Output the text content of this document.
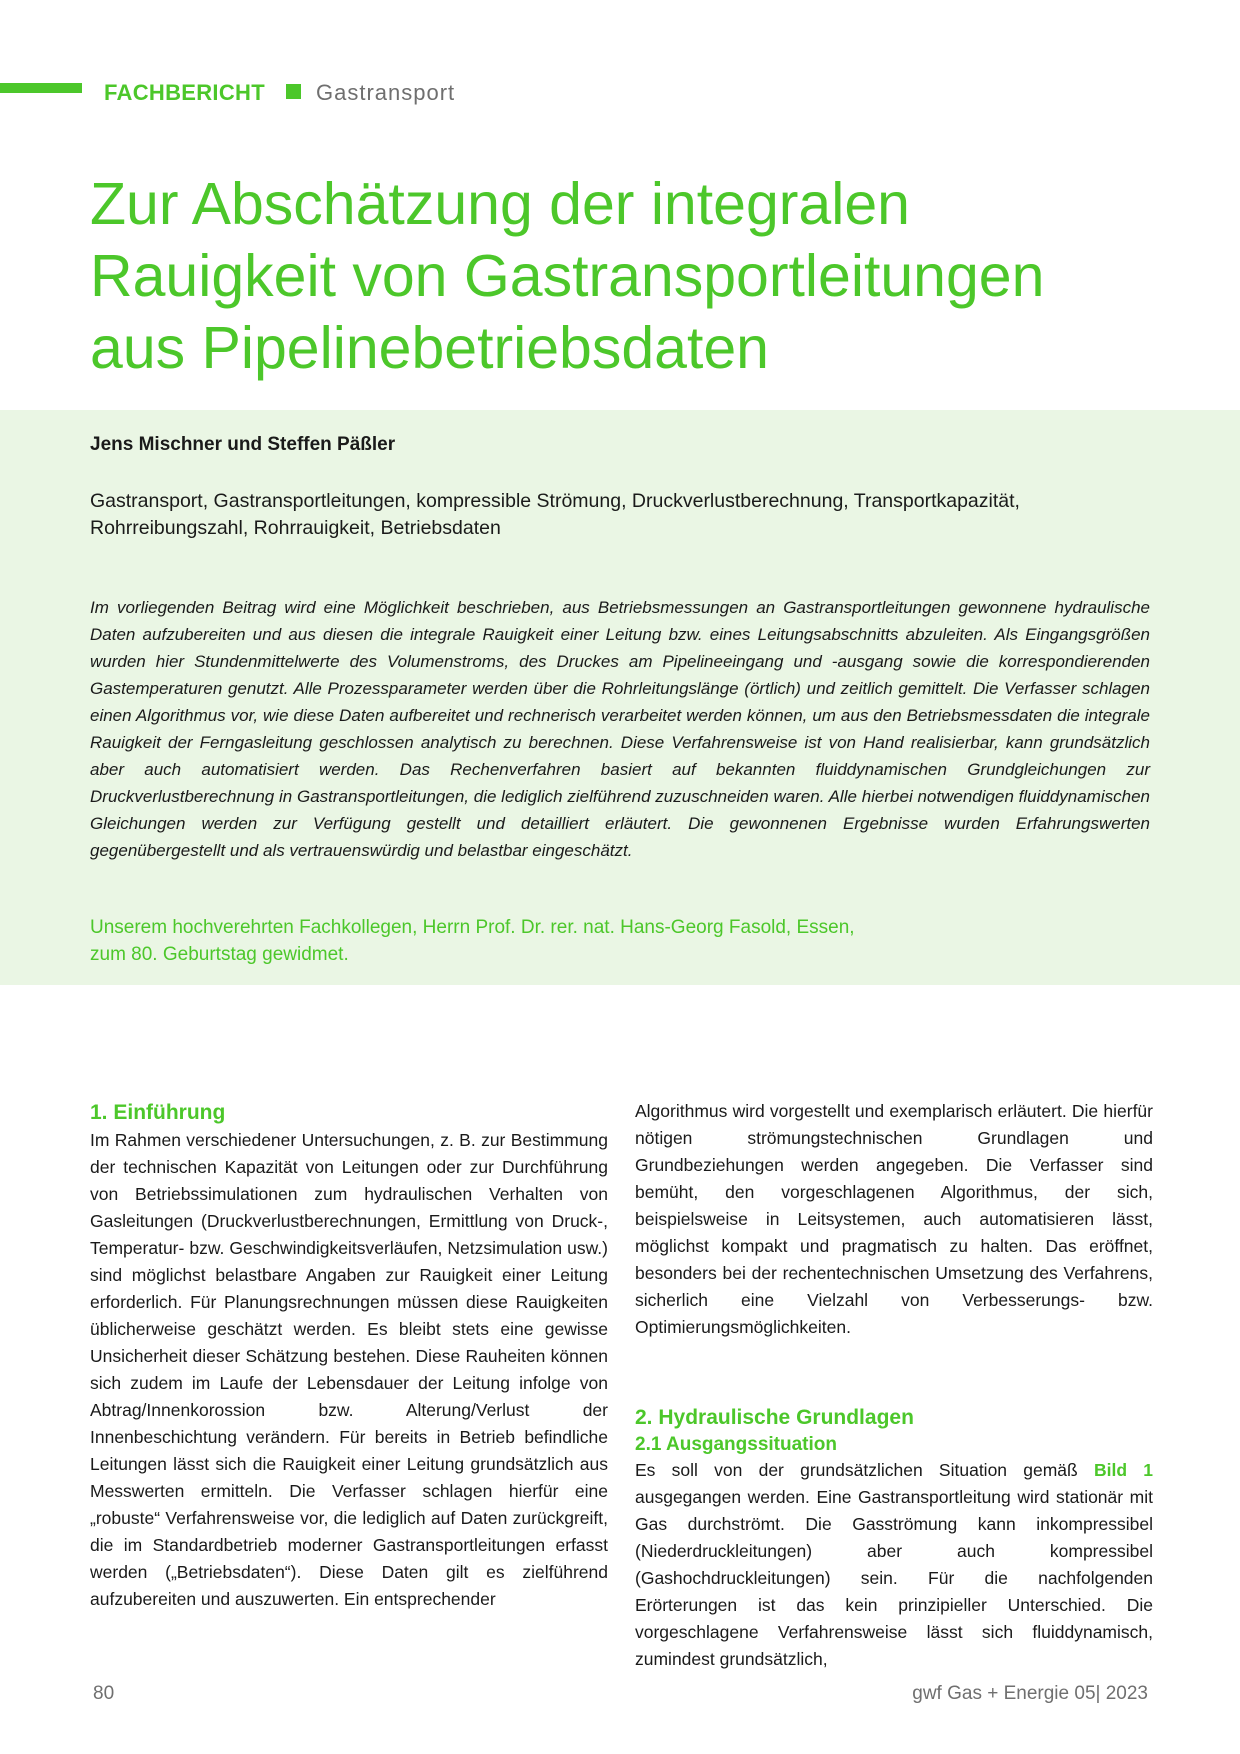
FACHBERICHT Gastransport
Zur Abschätzung der integralen
Rauigkeit von Gastransportleitungen
aus Pipelinebetriebsdaten
Jens Mischner und Steffen Päßler
Gastransport, Gastransportleitungen, kompressible Strömung, Druckverlustberechnung, Transportkapazität, Rohrreibungszahl, Rohrrauigkeit, Betriebsdaten
Im vorliegenden Beitrag wird eine Möglichkeit beschrieben, aus Betriebsmessungen an Gastransportleitungen gewonnene hydraulische Daten aufzubereiten und aus diesen die integrale Rauigkeit einer Leitung bzw. eines Leitungsabschnitts abzuleiten. Als Eingangsgrößen wurden hier Stundenmittelwerte des Volumenstroms, des Druckes am Pipelineeingang und -ausgang sowie die korrespondierenden Gastemperaturen genutzt. Alle Prozessparameter werden über die Rohrleitungslänge (örtlich) und zeitlich gemittelt. Die Verfasser schlagen einen Algorithmus vor, wie diese Daten aufbereitet und rechnerisch verarbeitet werden können, um aus den Betriebsmessdaten die integrale Rauigkeit der Ferngasleitung geschlossen analytisch zu berechnen. Diese Verfahrensweise ist von Hand realisierbar, kann grundsätzlich aber auch automatisiert werden. Das Rechenverfahren basiert auf bekannten fluiddynamischen Grundgleichungen zur Druckverlustberechnung in Gastransportleitungen, die lediglich zielführend zuzuschneiden waren. Alle hierbei notwendigen fluiddynamischen Gleichungen werden zur Verfügung gestellt und detailliert erläutert. Die gewonnenen Ergebnisse wurden Erfahrungswerten gegenübergestellt und als vertrauenswürdig und belastbar eingeschätzt.
Unserem hochverehrten Fachkollegen, Herrn Prof. Dr. rer. nat. Hans-Georg Fasold, Essen,
zum 80. Geburtstag gewidmet.
1. Einführung

Im Rahmen verschiedener Untersuchungen, z. B. zur Bestimmung der technischen Kapazität von Leitungen oder zur Durchführung von Betriebssimulationen zum hydraulischen Verhalten von Gasleitungen (Druckverlustberechnungen, Ermittlung von Druck-, Temperatur- bzw. Geschwindigkeitsverläufen, Netzsimulation usw.) sind möglichst belastbare Angaben zur Rauigkeit einer Leitung erforderlich. Für Planungsrechnungen müssen diese Rauigkeiten üblicherweise geschätzt werden. Es bleibt stets eine gewisse Unsicherheit dieser Schätzung bestehen. Diese Rauheiten können sich zudem im Laufe der Lebensdauer der Leitung infolge von Abtrag/Innenkorossion bzw. Alterung/Verlust der Innenbeschichtung verändern. Für bereits in Betrieb befindliche Leitungen lässt sich die Rauigkeit einer Leitung grundsätzlich aus Messwerten ermitteln. Die Verfasser schlagen hierfür eine „robuste“ Verfahrensweise vor, die lediglich auf Daten zurückgreift, die im Standardbetrieb moderner Gastransportleitungen erfasst werden („Betriebsdaten“). Diese Daten gilt es zielführend aufzubereiten und auszuwerten. Ein entsprechender

Algorithmus wird vorgestellt und exemplarisch erläutert. Die hierfür nötigen strömungstechnischen Grundlagen und Grundbeziehungen werden angegeben. Die Verfasser sind bemüht, den vorgeschlagenen Algorithmus, der sich, beispielsweise in Leitsystemen, auch automatisieren lässt, möglichst kompakt und pragmatisch zu halten. Das eröffnet, besonders bei der rechentechnischen Umsetzung des Verfahrens, sicherlich eine Vielzahl von Verbesserungs- bzw. Optimierungsmöglichkeiten.

2. Hydraulische Grundlagen
2.1 Ausgangssituation

Es soll von der grundsätzlichen Situation gemäß Bild 1 ausgegangen werden. Eine Gastransportleitung wird stationär mit Gas durchströmt. Die Gasströmung kann inkompressibel (Niederdruckleitungen) aber auch kompressibel (Gashochdruckleitungen) sein. Für die nachfolgenden Erörterungen ist das kein prinzipieller Unterschied. Die vorgeschlagene Verfahrensweise lässt sich fluiddynamisch, zumindest grundsätzlich,

80	gwf Gas + Energie 05| 2023
